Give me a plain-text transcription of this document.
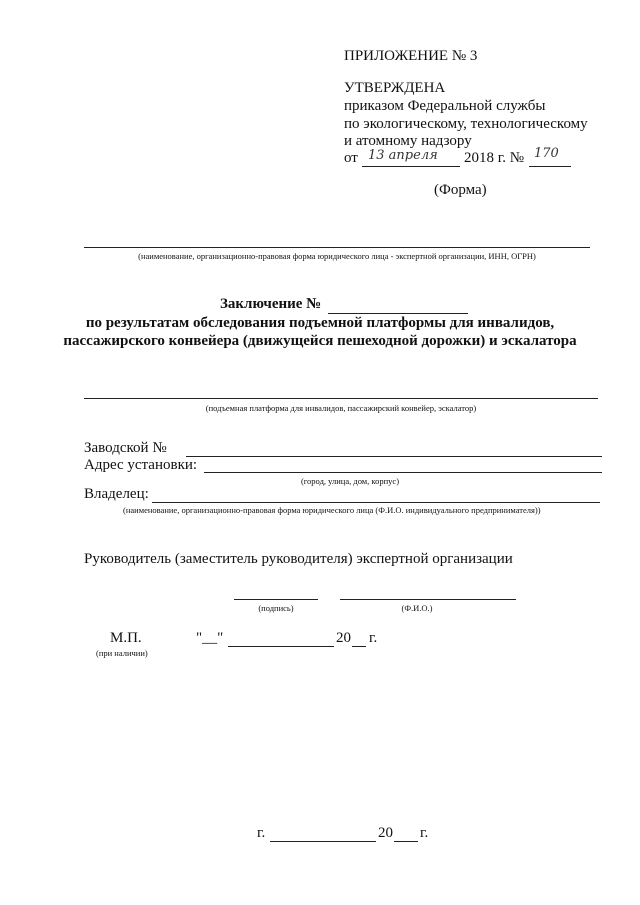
ПРИЛОЖЕНИЕ № 3
УТВЕРЖДЕНА
приказом Федеральной службы
по экологическому, технологическому
и атомному надзору
от 13 апреля 2018 г. № 170
(Форма)
(наименование, организационно-правовая форма юридического лица - экспертной организации, ИНН, ОГРН)
Заключение №
по результатам обследования подъемной платформы для инвалидов,
пассажирского конвейера (движущейся пешеходной дорожки) и эскалатора
(подъемная платформа для инвалидов, пассажирский конвейер, эскалатор)
Заводской №
Адрес установки:
(город, улица, дом, корпус)
Владелец:
(наименование, организационно-правовая форма юридического лица (Ф.И.О. индивидуального предпринимателя))
Руководитель (заместитель руководителя) экспертной организации
(подпись)	(Ф.И.О.)
М.П.
(при наличии)
"__"	20 г.
г.	20 г.
